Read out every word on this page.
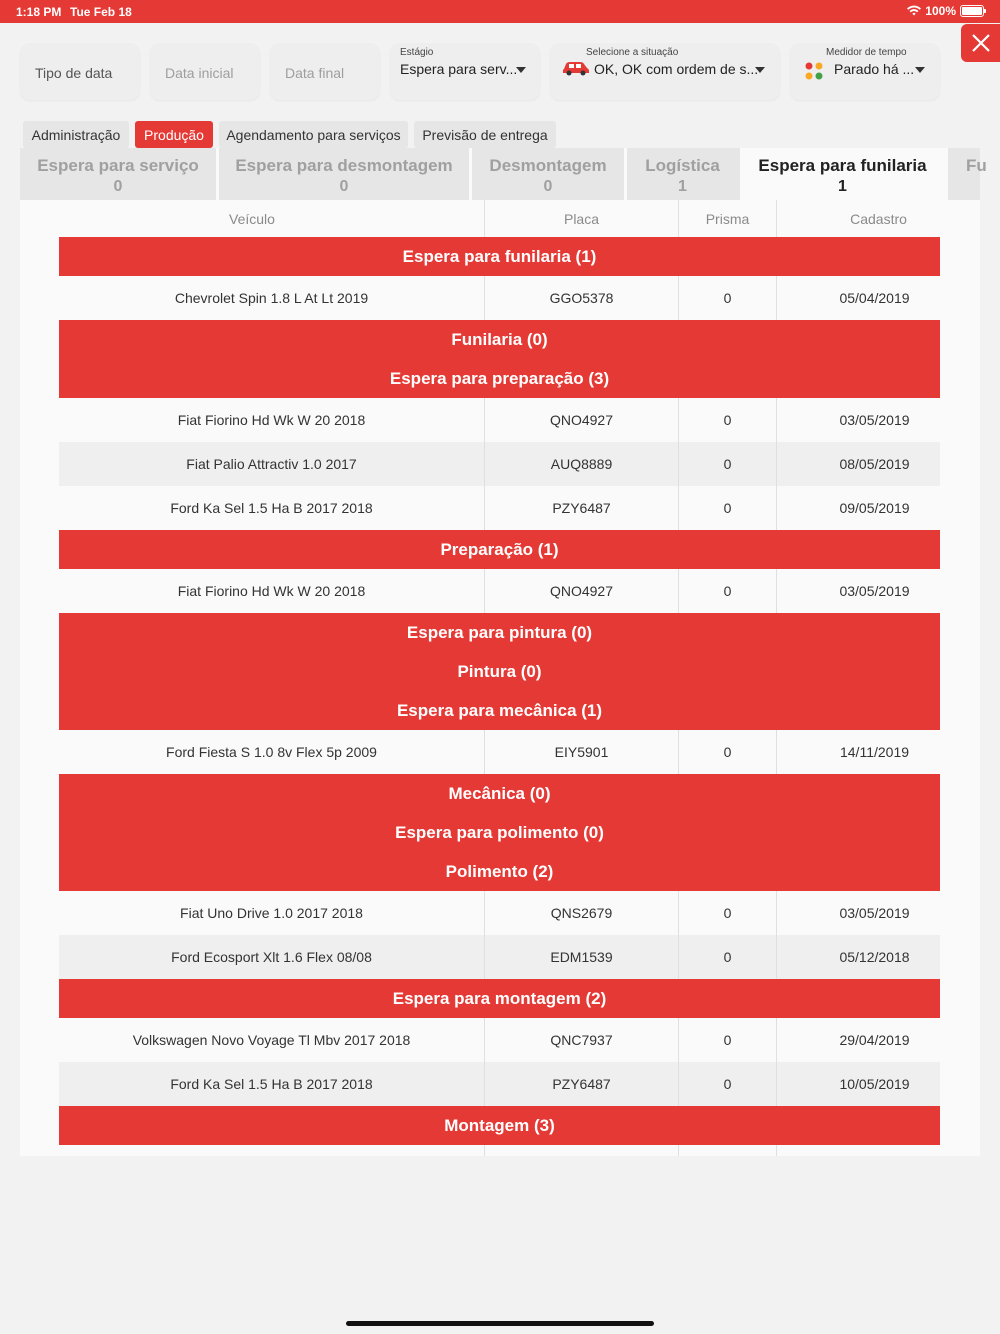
1:18 PM Tue Feb 18	100%
Tipo de data	Data inicial	Data final
Estágio
Espera para serv...
Selecione a situação
OK, OK com ordem de s...
Medidor de tempo
Parado há ...
Administração	Produção	Agendamento para serviços	Previsão de entrega
Espera para serviço
0
Espera para desmontagem
0
Desmontagem
0
Logística
1
Espera para funilaria
1
Fu
Veículo	Placa	Prisma	Cadastro
Espera para funilaria (1)
Funilaria (0)
Espera para preparação (3)
Preparação (1)
Espera para pintura (0)
Pintura (0)
Espera para mecânica (1)
Mecânica (0)
Espera para polimento (0)
Polimento (2)
Espera para montagem (2)
Montagem (3)
Chevrolet Spin 1.8 L At Lt 2019	GGO5378	0	05/04/2019
Fiat Fiorino Hd Wk W 20 2018	QNO4927	0	03/05/2019
Fiat Palio Attractiv 1.0 2017	AUQ8889	0	08/05/2019
Ford Ka Sel 1.5 Ha B 2017 2018	PZY6487	0	09/05/2019
Fiat Fiorino Hd Wk W 20 2018	QNO4927	0	03/05/2019
Ford Fiesta S 1.0 8v Flex 5p 2009	EIY5901	0	14/11/2019
Fiat Uno Drive 1.0 2017 2018	QNS2679	0	03/05/2019
Ford Ecosport Xlt 1.6 Flex 08/08	EDM1539	0	05/12/2018
Volkswagen Novo Voyage Tl Mbv 2017 2018	QNC7937	0	29/04/2019
Ford Ka Sel 1.5 Ha B 2017 2018	PZY6487	0	10/05/2019
